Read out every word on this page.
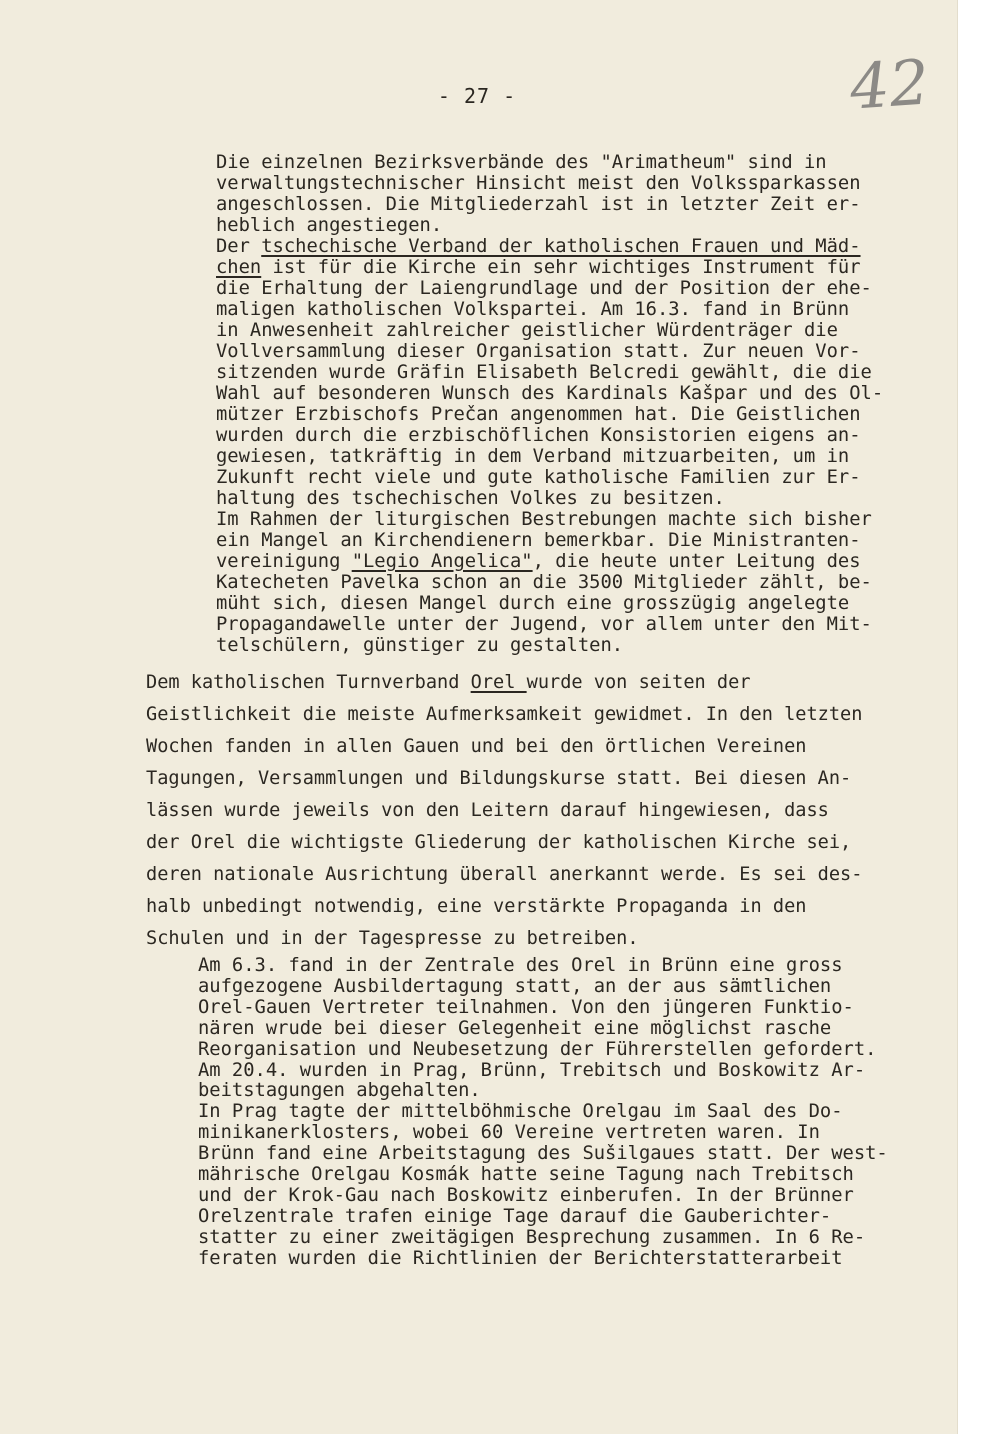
- 27 -	42
Die einzelnen Bezirksverbände des "Arimatheum" sind in
verwaltungstechnischer Hinsicht meist den Volkssparkassen
angeschlossen. Die Mitgliederzahl ist in letzter Zeit er-
heblich angestiegen.
Der tschechische Verband der katholischen Frauen und Mäd-
chen ist für die Kirche ein sehr wichtiges Instrument für
die Erhaltung der Laiengrundlage und der Position der ehe-
maligen katholischen Volkspartei. Am 16.3. fand in Brünn
in Anwesenheit zahlreicher geistlicher Würdenträger die
Vollversammlung dieser Organisation statt. Zur neuen Vor-
sitzenden wurde Gräfin Elisabeth Belcredi gewählt, die die
Wahl auf besonderen Wunsch des Kardinals Kašpar und des Ol-
mützer Erzbischofs Prečan angenommen hat. Die Geistlichen
wurden durch die erzbischöflichen Konsistorien eigens an-
gewiesen, tatkräftig in dem Verband mitzuarbeiten, um in
Zukunft recht viele und gute katholische Familien zur Er-
haltung des tschechischen Volkes zu besitzen.
Im Rahmen der liturgischen Bestrebungen machte sich bisher
ein Mangel an Kirchendienern bemerkbar. Die Ministranten-
vereinigung "Legio Angelica", die heute unter Leitung des
Katecheten Pavelka schon an die 3500 Mitglieder zählt, be-
müht sich, diesen Mangel durch eine grosszügig angelegte
Propagandawelle unter der Jugend, vor allem unter den Mit-
telschülern, günstiger zu gestalten.
Dem katholischen Turnverband Orel wurde von seiten der
Geistlichkeit die meiste Aufmerksamkeit gewidmet. In den letzten
Wochen fanden in allen Gauen und bei den örtlichen Vereinen
Tagungen, Versammlungen und Bildungskurse statt. Bei diesen An-
lässen wurde jeweils von den Leitern darauf hingewiesen, dass
der Orel die wichtigste Gliederung der katholischen Kirche sei,
deren nationale Ausrichtung überall anerkannt werde. Es sei des-
halb unbedingt notwendig, eine verstärkte Propaganda in den
Schulen und in der Tagespresse zu betreiben.
Am 6.3. fand in der Zentrale des Orel in Brünn eine gross
aufgezogene Ausbildertagung statt, an der aus sämtlichen
Orel-Gauen Vertreter teilnahmen. Von den jüngeren Funktio-
nären wrude bei dieser Gelegenheit eine möglichst rasche
Reorganisation und Neubesetzung der Führerstellen gefordert.
Am 20.4. wurden in Prag, Brünn, Trebitsch und Boskowitz Ar-
beitstagungen abgehalten.
In Prag tagte der mittelböhmische Orelgau im Saal des Do-
minikanerklosters, wobei 60 Vereine vertreten waren. In
Brünn fand eine Arbeitstagung des Sušilgaues statt. Der west-
mährische Orelgau Kosmák hatte seine Tagung nach Trebitsch
und der Krok-Gau nach Boskowitz einberufen. In der Brünner
Orelzentrale trafen einige Tage darauf die Gauberichter-
statter zu einer zweitägigen Besprechung zusammen. In 6 Re-
feraten wurden die Richtlinien der Berichterstatterarbeit
